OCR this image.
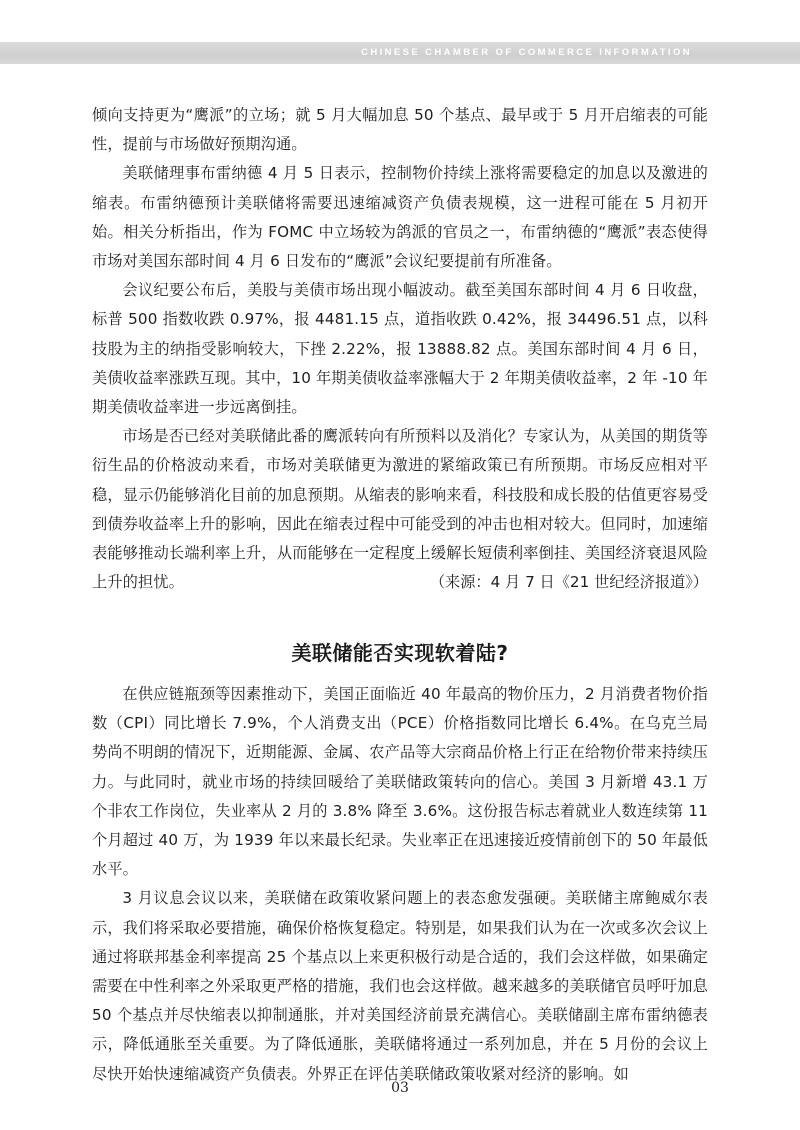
CHINESE CHAMBER OF COMMERCE INFORMATION

倾向支持更为“鹰派”的立场；就 5 月大幅加息 50 个基点、最早或于 5 月开启缩表的可能性，提前与市场做好预期沟通。

美联储理事布雷纳德 4 月 5 日表示，控制物价持续上涨将需要稳定的加息以及激进的缩表。布雷纳德预计美联储将需要迅速缩减资产负债表规模，这一进程可能在 5 月初开始。相关分析指出，作为 FOMC 中立场较为鸽派的官员之一，布雷纳德的“鹰派”表态使得市场对美国东部时间 4 月 6 日发布的“鹰派”会议纪要提前有所准备。

会议纪要公布后，美股与美债市场出现小幅波动。截至美国东部时间 4 月 6 日收盘，标普 500 指数收跌 0.97%，报 4481.15 点，道指收跌 0.42%，报 34496.51 点，以科技股为主的纳指受影响较大，下挫 2.22%，报 13888.82 点。美国东部时间 4 月 6 日，美债收益率涨跌互现。其中，10 年期美债收益率涨幅大于 2 年期美债收益率，2 年 -10 年期美债收益率进一步远离倒挂。

市场是否已经对美联储此番的鹰派转向有所预料以及消化？专家认为，从美国的期货等衍生品的价格波动来看，市场对美联储更为激进的紧缩政策已有所预期。市场反应相对平稳，显示仍能够消化目前的加息预期。从缩表的影响来看，科技股和成长股的估值更容易受到债券收益率上升的影响，因此在缩表过程中可能受到的冲击也相对较大。但同时，加速缩表能够推动长端利率上升，从而能够在一定程度上缓解长短债利率倒挂、美国经济衰退风险上升的担忧。	（来源：4 月 7 日《21 世纪经济报道》）
美联储能否实现软着陆?

在供应链瓶颈等因素推动下，美国正面临近 40 年最高的物价压力，2 月消费者物价指数（CPI）同比增长 7.9%，个人消费支出（PCE）价格指数同比增长 6.4%。在乌克兰局势尚不明朗的情况下，近期能源、金属、农产品等大宗商品价格上行正在给物价带来持续压力。与此同时，就业市场的持续回暖给了美联储政策转向的信心。美国 3 月新增 43.1 万个非农工作岗位，失业率从 2 月的 3.8% 降至 3.6%。这份报告标志着就业人数连续第 11 个月超过 40 万，为 1939 年以来最长纪录。失业率正在迅速接近疫情前创下的 50 年最低水平。

3 月议息会议以来，美联储在政策收紧问题上的表态愈发强硬。美联储主席鲍威尔表示，我们将采取必要措施，确保价格恢复稳定。特别是，如果我们认为在一次或多次会议上通过将联邦基金利率提高 25 个基点以上来更积极行动是合适的，我们会这样做，如果确定需要在中性利率之外采取更严格的措施，我们也会这样做。越来越多的美联储官员呼吁加息 50 个基点并尽快缩表以抑制通胀，并对美国经济前景充满信心。美联储副主席布雷纳德表示，降低通胀至关重要。为了降低通胀，美联储将通过一系列加息，并在 5 月份的会议上尽快开始快速缩减资产负债表。外界正在评估美联储政策收紧对经济的影响。如

03
